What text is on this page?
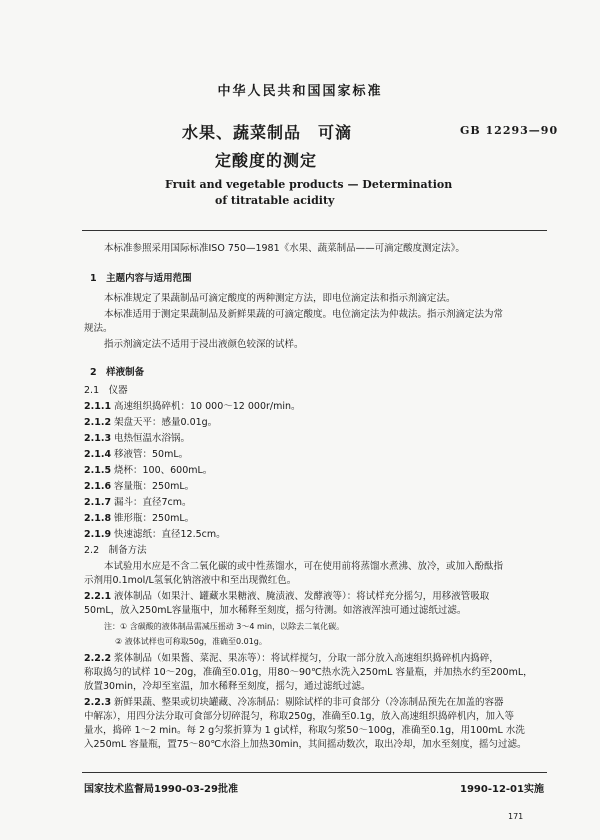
中华人民共和国国家标准
水果、蔬菜制品　可滴
定酸度的测定
GB 12293—90
Fruit and vegetable products — Determination
of titratable acidity
本标准参照采用国际标准ISO 750—1981《水果、蔬菜制品——可滴定酸度测定法》。
1　主题内容与适用范围
本标准规定了果蔬制品可滴定酸度的两种测定方法，即电位滴定法和指示剂滴定法。
本标准适用于测定果蔬制品及新鲜果蔬的可滴定酸度。电位滴定法为仲裁法。指示剂滴定法为常
规法。
指示剂滴定法不适用于浸出液颜色较深的试样。
2　样液制备
2.1　仪器
2.1.1 高速组织捣碎机：10 000～12 000r/min。
2.1.2 架盘天平：感量0.01g。
2.1.3 电热恒温水浴锅。
2.1.4 移液管：50mL。
2.1.5 烧杯：100、600mL。
2.1.6 容量瓶：250mL。
2.1.7 漏斗：直径7cm。
2.1.8 锥形瓶：250mL。
2.1.9 快速滤纸：直径12.5cm。
2.2　制备方法
本试验用水应是不含二氧化碳的或中性蒸馏水，可在使用前将蒸馏水煮沸、放冷，或加入酚酞指
示剂用0.1mol/L氢氧化钠溶液中和至出现微红色。
2.2.1 液体制品（如果汁、罐藏水果糖液、腌渍液、发酵液等）：将试样充分摇匀，用移液管吸取
50mL，放入250mL容量瓶中，加水稀释至刻度，摇匀待测。如溶液浑浊可通过滤纸过滤。
注：① 含碳酸的液体制品需减压摇动 3～4 min，以除去二氧化碳。
② 液体试样也可称取50g，准确至0.01g。
2.2.2 浆体制品（如果酱、菜泥、果冻等）：将试样搅匀，分取一部分放入高速组织捣碎机内捣碎，
称取捣匀的试样 10～20g，准确至0.01g，用80～90℃热水洗入250mL 容量瓶，并加热水约至200mL，
放置30min，冷却至室温，加水稀释至刻度，摇匀，通过滤纸过滤。
2.2.3 新鲜果蔬、整果或切块罐藏、冷冻制品：剔除试样的非可食部分（冷冻制品预先在加盖的容器
中解冻），用四分法分取可食部分切碎混匀，称取250g，准确至0.1g，放入高速组织捣碎机内，加入等
量水，捣碎 1～2 min。每 2 g匀浆折算为 1 g试样，称取匀浆50～100g，准确至0.1g，用100mL 水洗
入250mL 容量瓶，置75～80℃水浴上加热30min，其间摇动数次，取出冷却，加水至刻度，摇匀过滤。
国家技术监督局1990-03-29批准	1990-12-01实施
171
